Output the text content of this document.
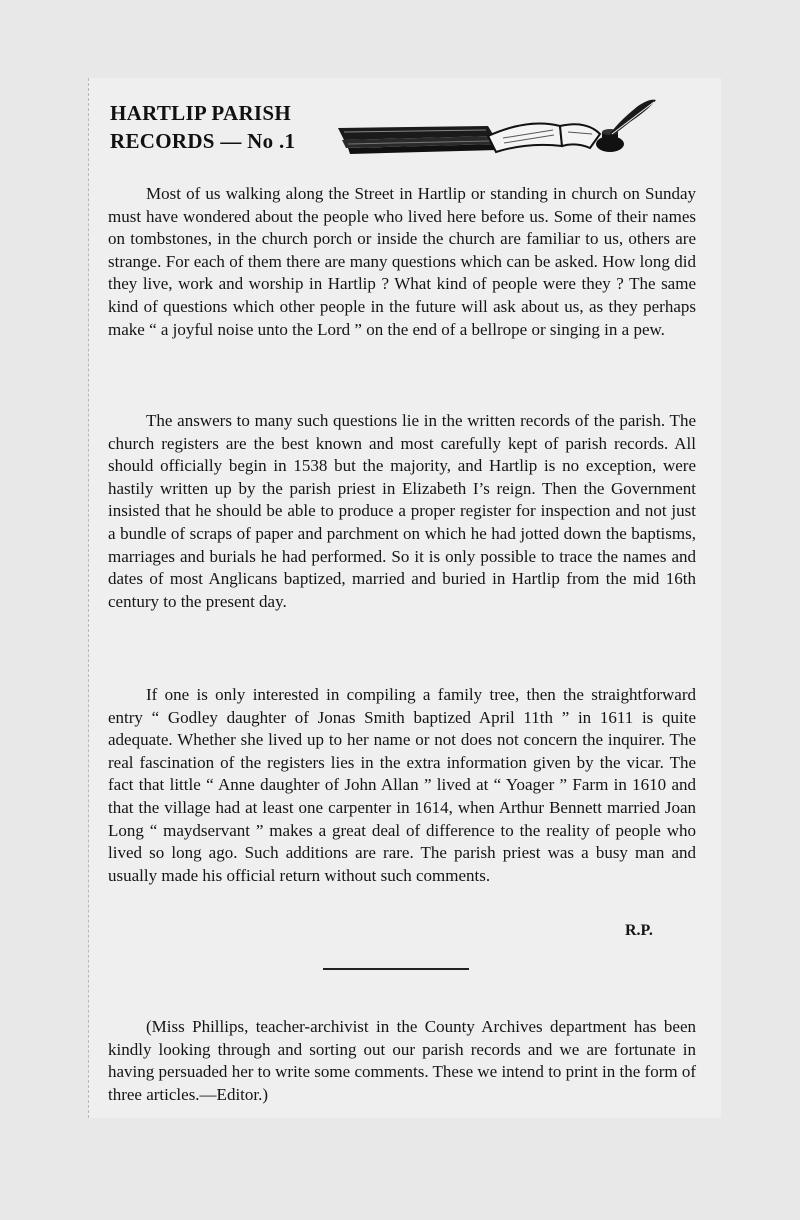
HARTLIP PARISH
RECORDS — No .1

Most of us walking along the Street in Hartlip or standing in church on Sunday must have wondered about the people who lived here before us. Some of their names on tombstones, in the church porch or inside the church are familiar to us, others are strange. For each of them there are many questions which can be asked. How long did they live, work and worship in Hartlip ? What kind of people were they ? The same kind of questions which other people in the future will ask about us, as they perhaps make “ a joyful noise unto the Lord ” on the end of a bellrope or singing in a pew.

The answers to many such questions lie in the written records of the parish. The church registers are the best known and most carefully kept of parish records. All should officially begin in 1538 but the majority, and Hartlip is no exception, were hastily written up by the parish priest in Elizabeth I’s reign. Then the Government insisted that he should be able to produce a proper register for inspection and not just a bundle of scraps of paper and parchment on which he had jotted down the baptisms, marriages and burials he had performed. So it is only possible to trace the names and dates of most Anglicans baptized, married and buried in Hartlip from the mid 16th century to the present day.

If one is only interested in compiling a family tree, then the straightforward entry “ Godley daughter of Jonas Smith baptized April 11th ” in 1611 is quite adequate. Whether she lived up to her name or not does not concern the inquirer. The real fascination of the registers lies in the extra information given by the vicar. The fact that little “ Anne daughter of John Allan ” lived at “ Yoager ” Farm in 1610 and that the village had at least one carpenter in 1614, when Arthur Bennett married Joan Long “ maydservant ” makes a great deal of difference to the reality of people who lived so long ago. Such additions are rare. The parish priest was a busy man and usually made his official return without such comments.

R.P.

(Miss Phillips, teacher-archivist in the County Archives department has been kindly looking through and sorting out our parish records and we are fortunate in having persuaded her to write some comments. These we intend to print in the form of three articles.—Editor.)
